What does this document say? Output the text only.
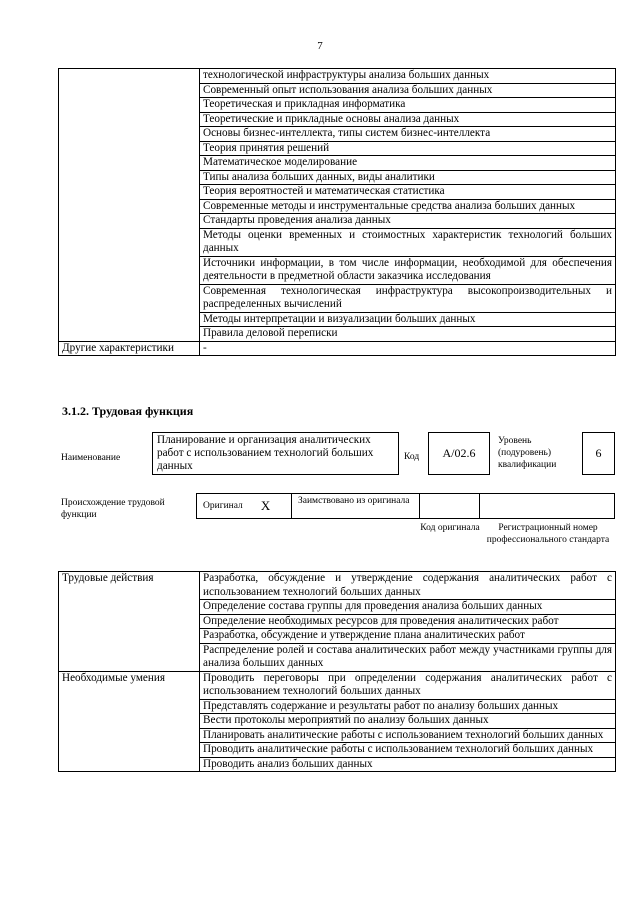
7
	технологической инфраструктуры анализа больших данных
	Современный опыт использования анализа больших данных
	Теоретическая и прикладная информатика
	Теоретические и прикладные основы анализа данных
	Основы бизнес-интеллекта, типы систем бизнес-интеллекта
	Теория принятия решений
	Математическое моделирование
	Типы анализа больших данных, виды аналитики
	Теория вероятностей и математическая статистика
	Современные методы и инструментальные средства анализа больших данных
	Стандарты проведения анализа данных
	Методы оценки временных и стоимостных характеристик технологий больших данных
	Источники информации, в том числе информации, необходимой для обеспечения деятельности в предметной области заказчика исследования
	Современная технологическая инфраструктура высокопроизводительных и распределенных вычислений
	Методы интерпретации и визуализации больших данных
	Правила деловой переписки
Другие характеристики	-
3.1.2. Трудовая функция
Наименование
Планирование и организация аналитических работ с использованием технологий больших данных
Код	А/02.6
Уровень (подуровень) квалификации
6
Происхождение трудовой функции
Оригинал Х	Заимствовано из оригинала
Код оригинала	Регистрационный номер профессионального стандарта
Трудовые действия	Разработка, обсуждение и утверждение содержания аналитических работ с использованием технологий больших данных
	Определение состава группы для проведения анализа больших данных
	Определение необходимых ресурсов для проведения аналитических работ
	Разработка, обсуждение и утверждение плана аналитических работ
	Распределение ролей и состава аналитических работ между участниками группы для анализа больших данных
Необходимые умения	Проводить переговоры при определении содержания аналитических работ с использованием технологий больших данных
	Представлять содержание и результаты работ по анализу больших данных
	Вести протоколы мероприятий по анализу больших данных
	Планировать аналитические работы с использованием технологий больших данных
	Проводить аналитические работы с использованием технологий больших данных
	Проводить анализ больших данных
